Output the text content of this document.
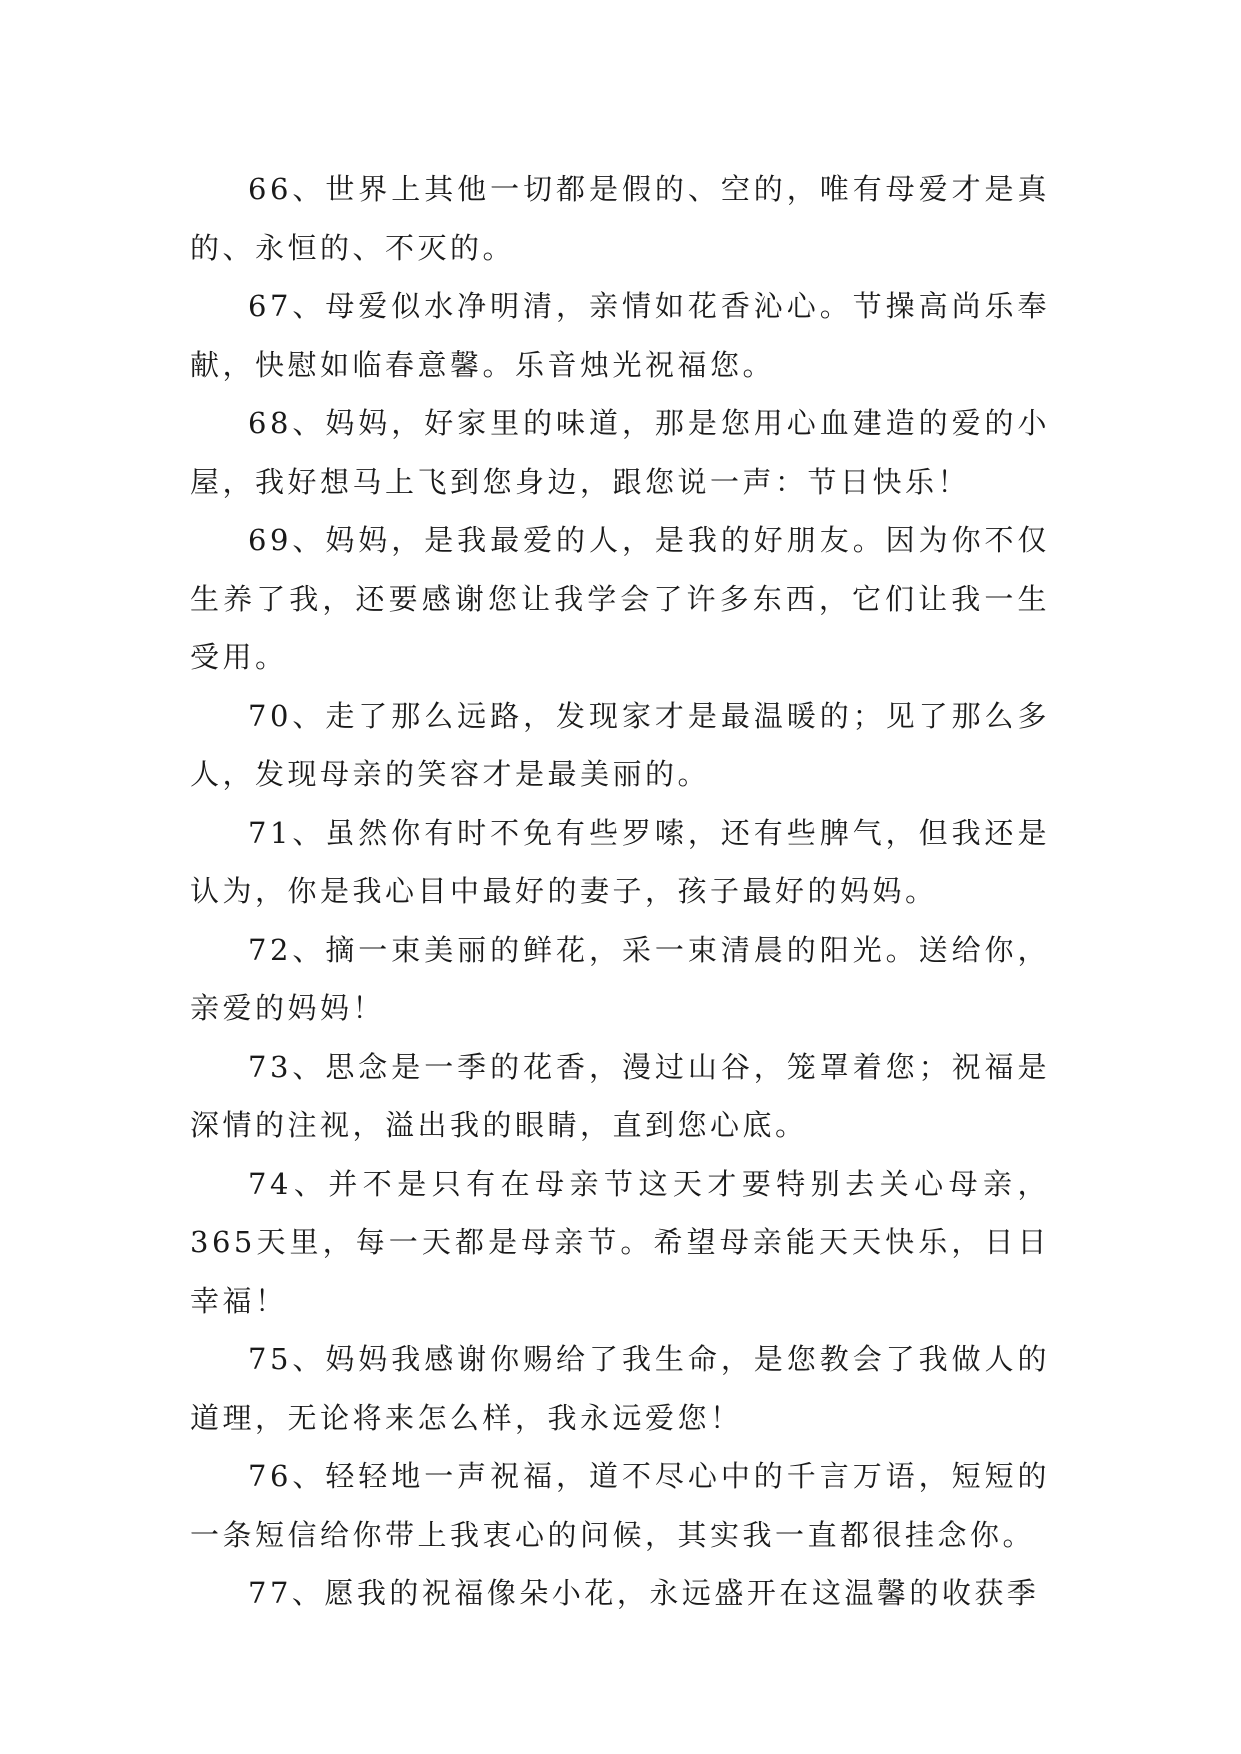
66、世界上其他一切都是假的、空的，唯有母爱才是真的、永恒的、不灭的。

67、母爱似水净明清，亲情如花香沁心。节操高尚乐奉献，快慰如临春意馨。乐音烛光祝福您。

68、妈妈，好家里的味道，那是您用心血建造的爱的小屋，我好想马上飞到您身边，跟您说一声：节日快乐！

69、妈妈，是我最爱的人，是我的好朋友。因为你不仅生养了我，还要感谢您让我学会了许多东西，它们让我一生受用。

70、走了那么远路，发现家才是最温暖的；见了那么多人，发现母亲的笑容才是最美丽的。

71、虽然你有时不免有些罗嗦，还有些脾气，但我还是认为，你是我心目中最好的妻子，孩子最好的妈妈。

72、摘一束美丽的鲜花，采一束清晨的阳光。送给你，亲爱的妈妈！

73、思念是一季的花香，漫过山谷，笼罩着您；祝福是深情的注视，溢出我的眼睛，直到您心底。

74、并不是只有在母亲节这天才要特别去关心母亲，365天里，每一天都是母亲节。希望母亲能天天快乐，日日幸福！

75、妈妈我感谢你赐给了我生命，是您教会了我做人的道理，无论将来怎么样，我永远爱您！

76、轻轻地一声祝福，道不尽心中的千言万语，短短的一条短信给你带上我衷心的问候，其实我一直都很挂念你。

77、愿我的祝福像朵小花，永远盛开在这温馨的收获季
